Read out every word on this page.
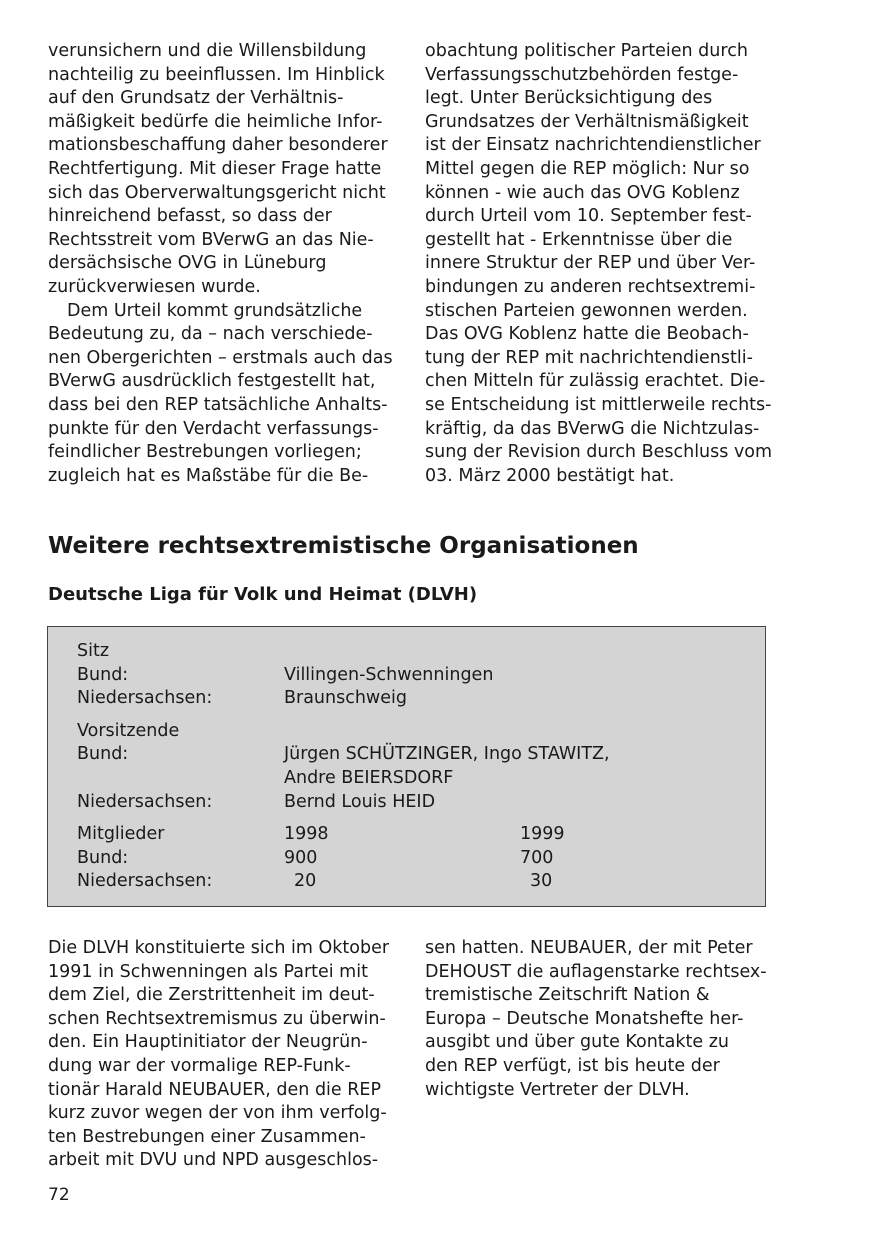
verunsichern und die Willensbildung
nachteilig zu beeinflussen. Im Hinblick
auf den Grundsatz der Verhältnis-
mäßigkeit bedürfe die heimliche Infor-
mationsbeschaffung daher besonderer
Rechtfertigung. Mit dieser Frage hatte
sich das Oberverwaltungsgericht nicht
hinreichend befasst, so dass der
Rechtsstreit vom BVerwG an das Nie-
dersächsische OVG in Lüneburg
zurückverwiesen wurde.
Dem Urteil kommt grundsätzliche
Bedeutung zu, da – nach verschiede-
nen Obergerichten – erstmals auch das
BVerwG ausdrücklich festgestellt hat,
dass bei den REP tatsächliche Anhalts-
punkte für den Verdacht verfassungs-
feindlicher Bestrebungen vorliegen;
zugleich hat es Maßstäbe für die Be-
obachtung politischer Parteien durch
Verfassungsschutzbehörden festge-
legt. Unter Berücksichtigung des
Grundsatzes der Verhältnismäßigkeit
ist der Einsatz nachrichtendienstlicher
Mittel gegen die REP möglich: Nur so
können - wie auch das OVG Koblenz
durch Urteil vom 10. September fest-
gestellt hat - Erkenntnisse über die
innere Struktur der REP und über Ver-
bindungen zu anderen rechtsextremi-
stischen Parteien gewonnen werden.
Das OVG Koblenz hatte die Beobach-
tung der REP mit nachrichtendienstli-
chen Mitteln für zulässig erachtet. Die-
se Entscheidung ist mittlerweile rechts-
kräftig, da das BVerwG die Nichtzulas-
sung der Revision durch Beschluss vom
03. März 2000 bestätigt hat.
Weitere rechtsextremistische Organisationen
Deutsche Liga für Volk und Heimat (DLVH)
Sitz
Bund:	Villingen-Schwenningen
Niedersachsen:	Braunschweig
Vorsitzende
Bund:	Jürgen SCHÜTZINGER, Ingo STAWITZ,
Andre BEIERSDORF
Niedersachsen:	Bernd Louis HEID
Mitglieder	1998	1999
Bund:	900	700
Niedersachsen:	20	30
Die DLVH konstituierte sich im Oktober
1991 in Schwenningen als Partei mit
dem Ziel, die Zerstrittenheit im deut-
schen Rechtsextremismus zu überwin-
den. Ein Hauptinitiator der Neugrün-
dung war der vormalige REP-Funk-
tionär Harald NEUBAUER, den die REP
kurz zuvor wegen der von ihm verfolg-
ten Bestrebungen einer Zusammen-
arbeit mit DVU und NPD ausgeschlos-
sen hatten. NEUBAUER, der mit Peter
DEHOUST die auflagenstarke rechtsex-
tremistische Zeitschrift Nation &
Europa – Deutsche Monatshefte her-
ausgibt und über gute Kontakte zu
den REP verfügt, ist bis heute der
wichtigste Vertreter der DLVH.
72
